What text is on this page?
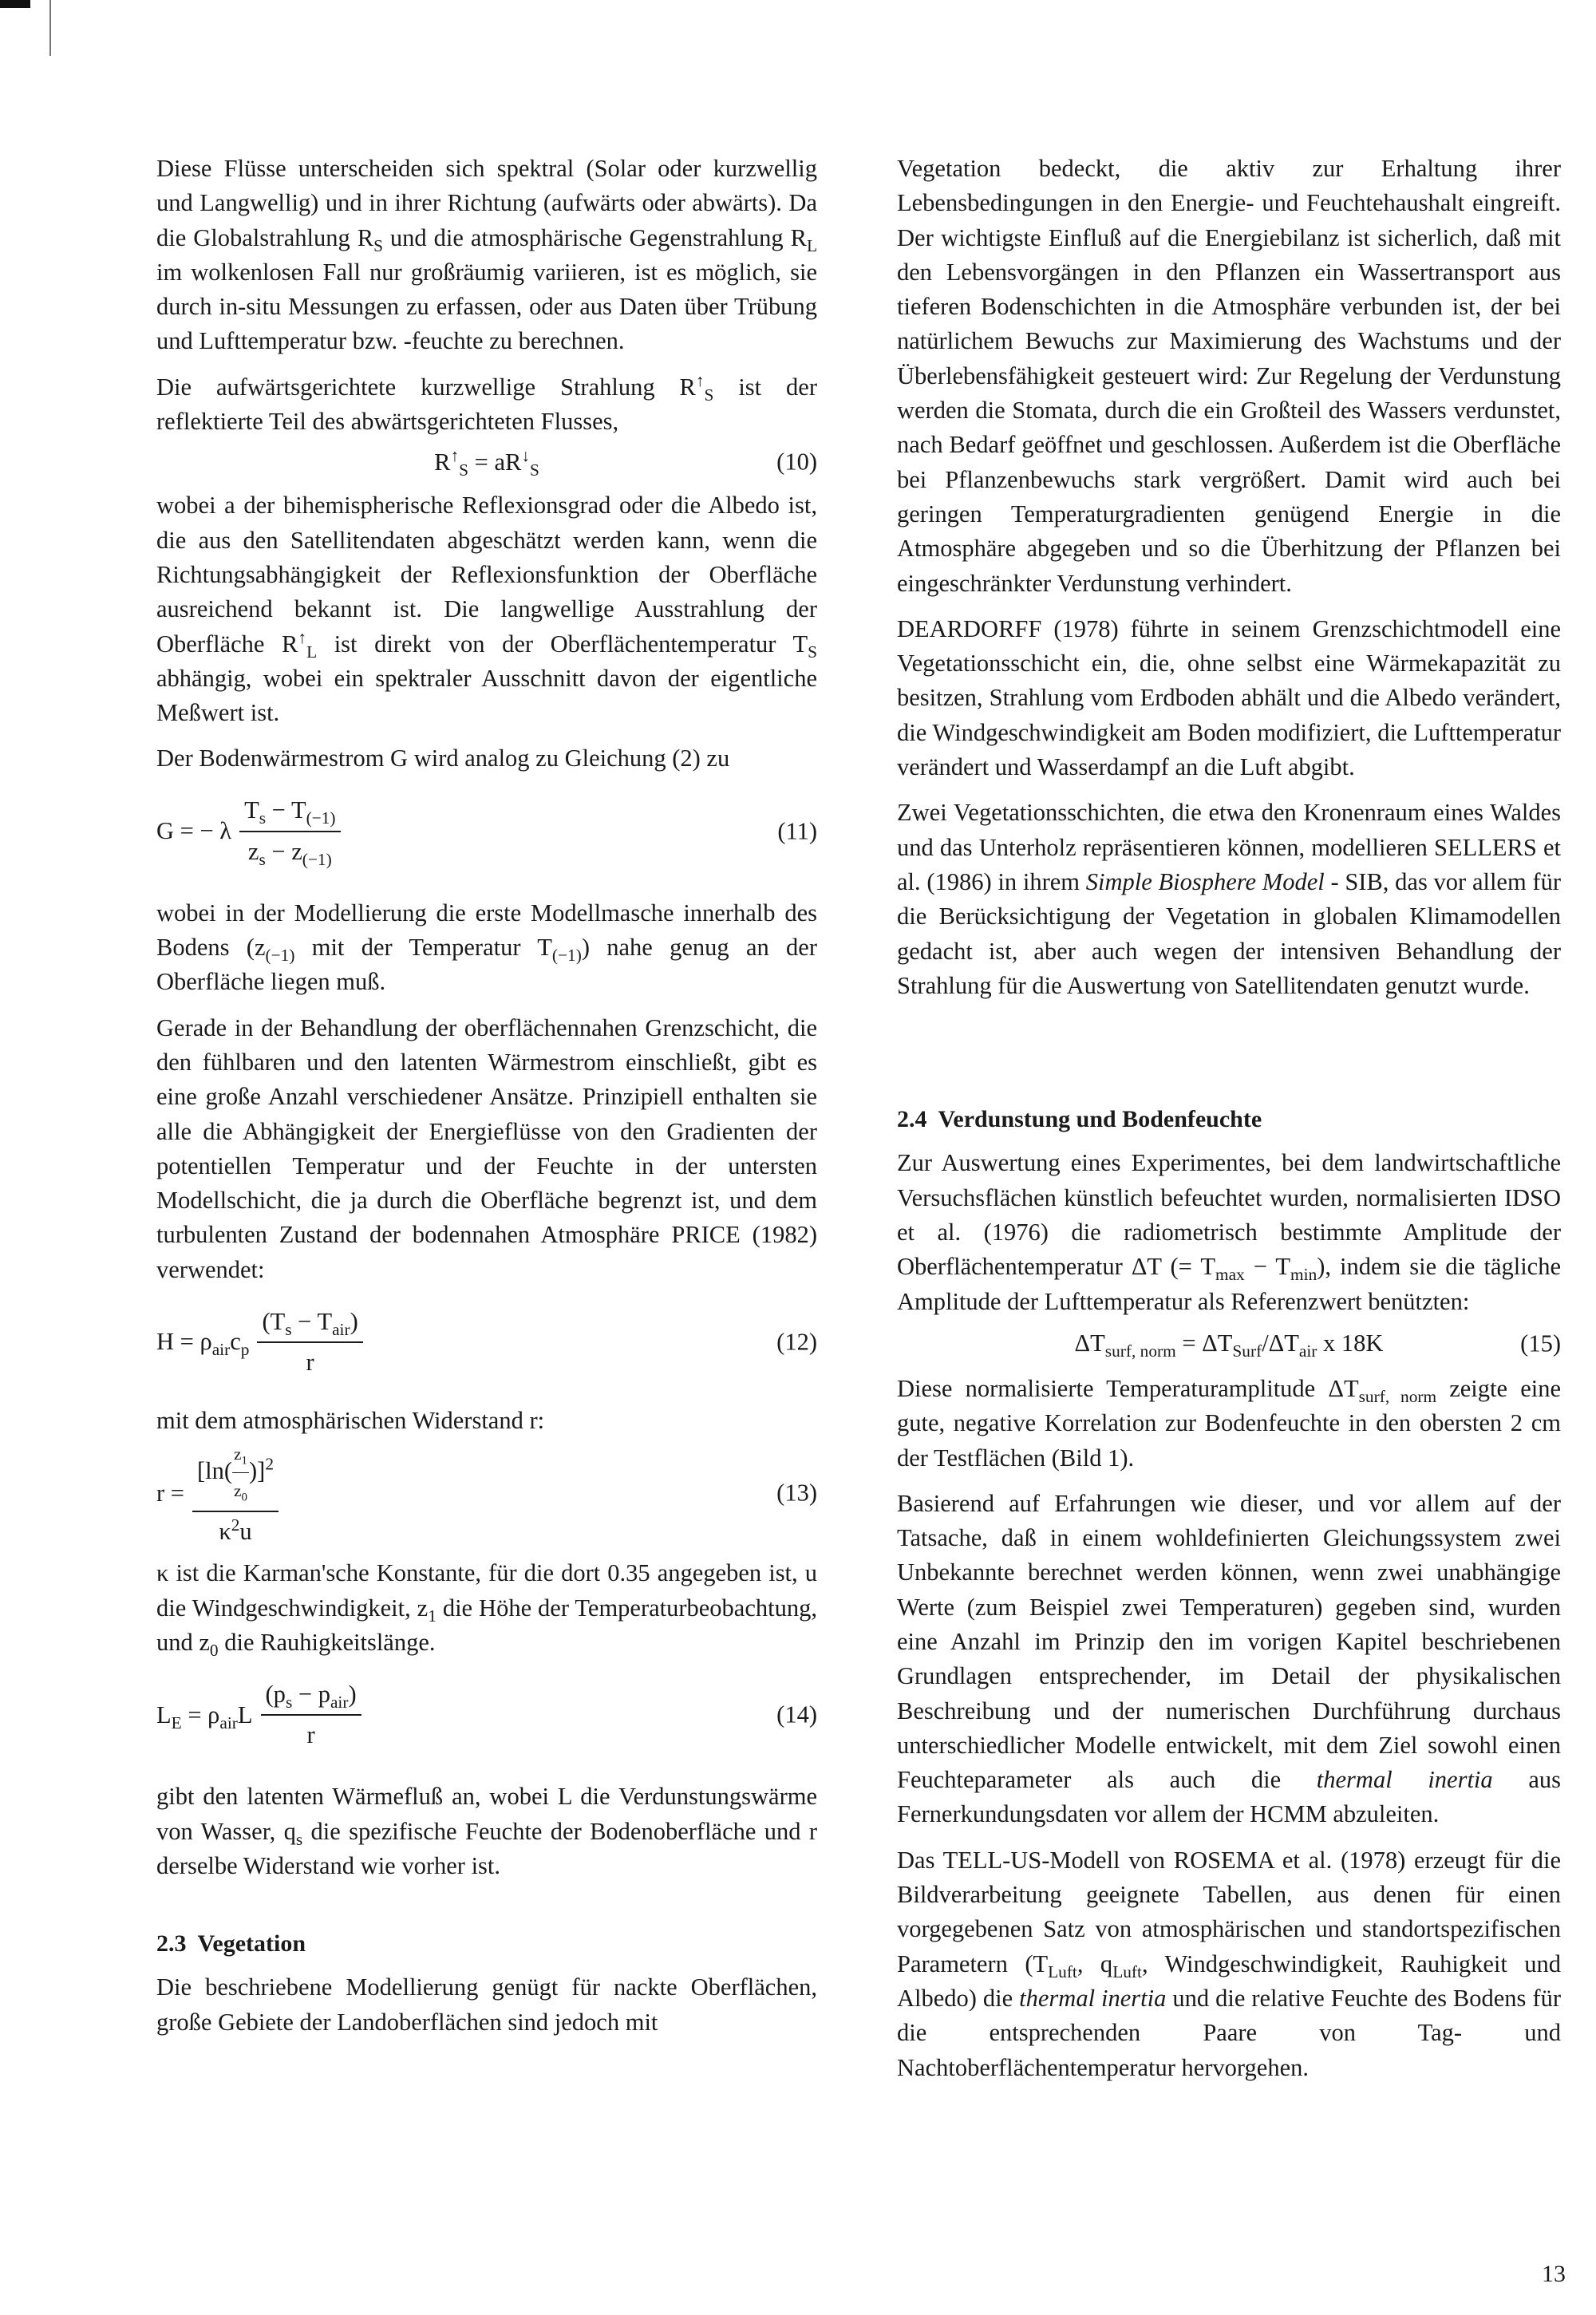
Diese Flüsse unterscheiden sich spektral (Solar oder kurzwellig und Langwellig) und in ihrer Richtung (aufwärts oder abwärts). Da die Globalstrahlung $R_S$ und die atmosphärische Gegenstrahlung $R_L$ im wolkenlosen Fall nur großräumig variieren, ist es möglich, sie durch in-situ Messungen zu erfassen, oder aus Daten über Trübung und Lufttemperatur bzw. -feuchte zu berechnen.

Die aufwärtsgerichtete kurzwellige Strahlung $R^↑_S$ ist der reflektierte Teil des abwärtsgerichteten Flusses,

$R^↑_S = aR^↓_S$	(10)

wobei a der bihemispherische Reflexionsgrad oder die Albedo ist, die aus den Satellitendaten abgeschätzt werden kann, wenn die Richtungsabhängigkeit der Reflexionsfunktion der Oberfläche ausreichend bekannt ist. Die langwellige Ausstrahlung der Oberfläche $R^↑_L$ ist direkt von der Oberflächentemperatur $T_S$ abhängig, wobei ein spektraler Ausschnitt davon der eigentliche Meßwert ist.

Der Bodenwärmestrom G wird analog zu Gleichung (2) zu

G = − λ $\frac{T_s - T_{(-1)}}{z_s - z_{(-1)}}$	(11)

wobei in der Modellierung die erste Modellmasche innerhalb des Bodens ($z_{(-1)}$ mit der Temperatur $T_{(-1)}$) nahe genug an der Oberfläche liegen muß.

Gerade in der Behandlung der oberflächennahen Grenzschicht, die den fühlbaren und den latenten Wärmestrom einschließt, gibt es eine große Anzahl verschiedener Ansätze. Prinzipiell enthalten sie alle die Abhängigkeit der Energieflüsse von den Gradienten der potentiellen Temperatur und der Feuchte in der untersten Modellschicht, die ja durch die Oberfläche begrenzt ist, und dem turbulenten Zustand der bodennahen Atmosphäre PRICE (1982) verwendet:

$H = \rho_{air}c_p \frac{(T_s - T_{air})}{r}$	(12)

mit dem atmosphärischen Widerstand r:

$r = \frac{[\ln( \frac{z_1}{z_0} )]^2}{\kappa^2u}$	(13)

κ ist die Karman'sche Konstante, für die dort 0.35 angegeben ist, u die Windgeschwindigkeit, $z_1$ die Höhe der Temperaturbeobachtung, und $z_0$ die Rauhigkeitslänge.

$L_E = \rho_{air}L \frac{(p_s - p_{air})}{r}$	(14)

gibt den latenten Wärmefluß an, wobei L die Verdunstungswärme von Wasser, $q_s$ die spezifische Feuchte der Bodenoberfläche und r derselbe Widerstand wie vorher ist.

2.3 Vegetation

Die beschriebene Modellierung genügt für nackte Oberflächen, große Gebiete der Landoberflächen sind jedoch mit

Vegetation bedeckt, die aktiv zur Erhaltung ihrer Lebensbedingungen in den Energie- und Feuchtehaushalt eingreift. Der wichtigste Einfluß auf die Energiebilanz ist sicherlich, daß mit den Lebensvorgängen in den Pflanzen ein Wassertransport aus tieferen Bodenschichten in die Atmosphäre verbunden ist, der bei natürlichem Bewuchs zur Maximierung des Wachstums und der Überlebensfähigkeit gesteuert wird: Zur Regelung der Verdunstung werden die Stomata, durch die ein Großteil des Wassers verdunstet, nach Bedarf geöffnet und geschlossen. Außerdem ist die Oberfläche bei Pflanzenbewuchs stark vergrößert. Damit wird auch bei geringen Temperaturgradienten genügend Energie in die Atmosphäre abgegeben und so die Überhitzung der Pflanzen bei eingeschränkter Verdunstung verhindert.

DEARDORFF (1978) führte in seinem Grenzschichtmodell eine Vegetationsschicht ein, die, ohne selbst eine Wärmekapazität zu besitzen, Strahlung vom Erdboden abhält und die Albedo verändert, die Windgeschwindigkeit am Boden modifiziert, die Lufttemperatur verändert und Wasserdampf an die Luft abgibt.

Zwei Vegetationsschichten, die etwa den Kronenraum eines Waldes und das Unterholz repräsentieren können, modellieren SELLERS et al. (1986) in ihrem Simple Biosphere Model - SIB, das vor allem für die Berücksichtigung der Vegetation in globalen Klimamodellen gedacht ist, aber auch wegen der intensiven Behandlung der Strahlung für die Auswertung von Satellitendaten genutzt wurde.

2.4 Verdunstung und Bodenfeuchte

Zur Auswertung eines Experimentes, bei dem landwirtschaftliche Versuchsflächen künstlich befeuchtet wurden, normalisierten IDSO et al. (1976) die radiometrisch bestimmte Amplitude der Oberflächentemperatur ΔT (= $T_{max} - T_{min}$), indem sie die tägliche Amplitude der Lufttemperatur als Referenzwert benützten:

$\Delta T_{surf, norm} = \Delta T_{Surf}/\Delta T_{air}$ x 18K	(15)

Diese normalisierte Temperaturamplitude $\Delta T_{surf, norm}$ zeigte eine gute, negative Korrelation zur Bodenfeuchte in den obersten 2 cm der Testflächen (Bild 1).

Basierend auf Erfahrungen wie dieser, und vor allem auf der Tatsache, daß in einem wohldefinierten Gleichungssystem zwei Unbekannte berechnet werden können, wenn zwei unabhängige Werte (zum Beispiel zwei Temperaturen) gegeben sind, wurden eine Anzahl im Prinzip den im vorigen Kapitel beschriebenen Grundlagen entsprechender, im Detail der physikalischen Beschreibung und der numerischen Durchführung durchaus unterschiedlicher Modelle entwickelt, mit dem Ziel sowohl einen Feuchteparameter als auch die thermal inertia aus Fernerkundungsdaten vor allem der HCMM abzuleiten.

Das TELL-US-Modell von ROSEMA et al. (1978) erzeugt für die Bildverarbeitung geeignete Tabellen, aus denen für einen vorgegebenen Satz von atmosphärischen und standortspezifischen Parametern ($T_{Luft}$, $q_{Luft}$, Windgeschwindigkeit, Rauhigkeit und Albedo) die thermal inertia und die relative Feuchte des Bodens für die entsprechenden Paare von Tag- und Nachtoberflächentemperatur hervorgehen.

13
